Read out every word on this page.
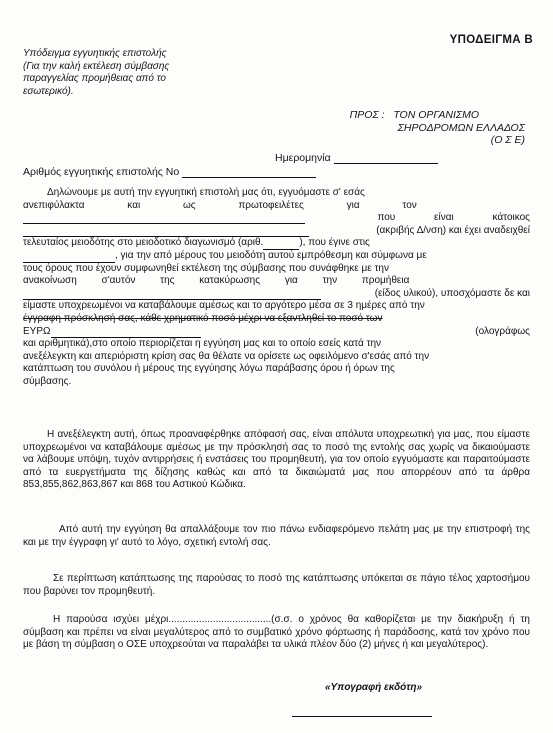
ΥΠΟΔΕΙΓΜΑ Β
Υπόδειγμα εγγυητικής επιστολής
(Για την καλή εκτέλεση σύμβασης
παραγγελίας προμήθειας από το
εσωτερικό).
ΠΡΟΣ : ΤΟΝ ΟΡΓΑΝΙΣΜΟ
ΣΗΡΟΔΡΟΜΩΝ ΕΛΛΑΔΟΣ
(Ο Σ Ε)
Ημερομηνία
Αριθμός εγγυητικής επιστολής Νο

Δηλώνουμε με αυτή την εγγυητική επιστολή μας ότι, εγγυόμαστε σ' εσάς

ανεπιφύλακτα και ως πρωτοφειλέτες για τον

που είναι κάτοικος

(ακριβής Δ/νση) και έχει αναδειχθεί

τελευταίος μειοδότης στο μειοδοτικό διαγωνισμό (αριθ.	), που έγινε στις

, για την από μέρους του μειοδότη αυτού εμπρόθεσμη και σύμφωνα με

τους όρους που έχουν συμφωνηθεί εκτέλεση της σύμβασης που συνάφθηκε με την

ανακοίνωση σ'αυτόν της κατακύρωσης για την προμήθεια

(είδος υλικού), υποσχόμαστε δε και

είμαστε υποχρεωμένοι να καταβάλουμε αμέσως και το αργότερο μέσα σε 3 ημέρες από την

έγγραφη πρόσκλησή σας, κάθε χρηματικό ποσό μέχρι να εξαντληθεί το ποσό των

ΕΥΡΩ	(ολογράφως

και αριθμητικά),στο οποίο περιορίζεται η εγγύηση μας και το οποίο εσείς κατά την

ανεξέλεγκτη και απεριόριστη κρίση σας θα θέλατε να ορίσετε ως οφειλόμενο σ'εσάς από την

κατάπτωση του συνόλου ή μέρους της εγγύησης λόγω παράβασης όρου ή όρων της

σύμβασης.

Η ανεξέλεγκτη αυτή, όπως προαναφέρθηκε απόφασή σας, είναι απόλυτα υποχρεωτική για μας, που είμαστε υποχρεωμένοι να καταβάλουμε αμέσως με την πρόσκλησή σας το ποσό της εντολής σας χωρίς να δικαιούμαστε να λάβουμε υπόψη, τυχόν αντιρρήσεις ή ενστάσεις του προμηθευτή, για τον οποίο εγγυόμαστε και παραιτούμαστε από τα ευεργετήματα της δίζησης καθώς και από τα δικαιώματά μας που απορρέουν από τα άρθρα 853,855,862,863,867 και 868 του Αστικού Κώδικα.

Από αυτή την εγγύηση θα απαλλάξουμε τον πιο πάνω ενδιαφερόμενο πελάτη μας με την επιστροφή της και με την έγγραφη γι' αυτό το λόγο, σχετική εντολή σας.

Σε περίπτωση κατάπτωσης της παρούσας το ποσό της κατάπτωσης υπόκειται σε πάγιο τέλος χαρτοσήμου που βαρύνει τον προμηθευτή.

Η παρούσα ισχύει μέχρι.....................................(σ.σ. ο χρόνος θα καθορίζεται με την διακήρυξη ή τη σύμβαση και πρέπει να είναι μεγαλύτερος από το συμβατικό χρόνο φόρτωσης ή παράδοσης, κατά τον χρόνο που με βάση τη σύμβαση ο ΟΣΕ υποχρεούται να παραλάβει τα υλικά πλέον δύο (2) μήνες ή και μεγαλύτερος).

«Υπογραφή εκδότη»
